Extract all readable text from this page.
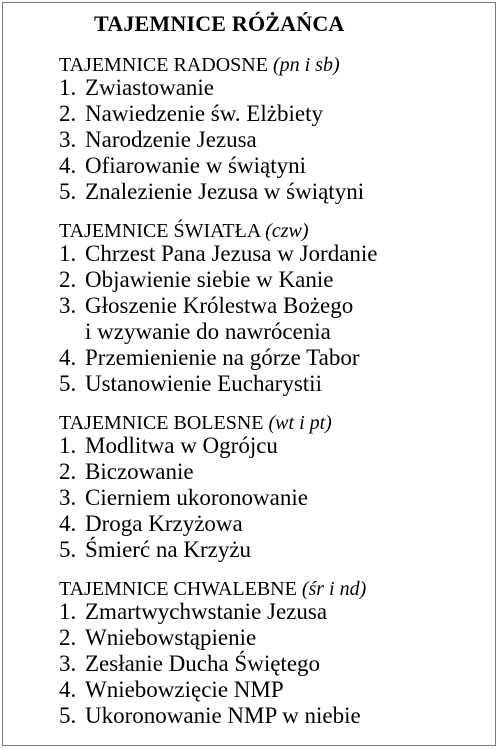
TAJEMNICE RÓŻAŃCA
TAJEMNICE RADOSNE (pn i sb)
1. Zwiastowanie
2. Nawiedzenie św. Elżbiety
3. Narodzenie Jezusa
4. Ofiarowanie w świątyni
5. Znalezienie Jezusa w świątyni
TAJEMNICE ŚWIATŁA (czw)
1. Chrzest Pana Jezusa w Jordanie
2. Objawienie siebie w Kanie
3. Głoszenie Królestwa Bożego
i wzywanie do nawrócenia
4. Przemienienie na górze Tabor
5. Ustanowienie Eucharystii
TAJEMNICE BOLESNE (wt i pt)
1. Modlitwa w Ogrójcu
2. Biczowanie
3. Cierniem ukoronowanie
4. Droga Krzyżowa
5. Śmierć na Krzyżu
TAJEMNICE CHWALEBNE (śr i nd)
1. Zmartwychwstanie Jezusa
2. Wniebowstąpienie
3. Zesłanie Ducha Świętego
4. Wniebowzięcie NMP
5. Ukoronowanie NMP w niebie
